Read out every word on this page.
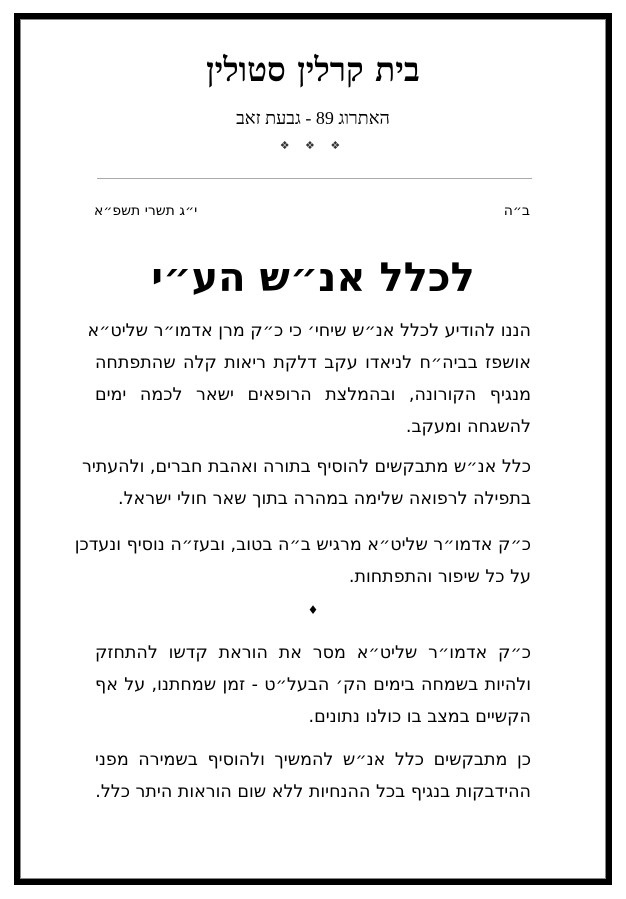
בית קרלין סטולין
האתרוג 89 - גבעת זאב
❖ ❖ ❖
ב״ה
י״ג תשרי תשפ״א
לכלל אנ״ש הע״י
הננו להודיע לכלל אנ״ש שיחי׳ כי כ״ק מרן אדמו״ר שליט״א
אושפז בביה״ח לניאדו עקב דלקת ריאות קלה שהתפתחה
מנגיף הקורונה, ובהמלצת הרופאים ישאר לכמה ימים
להשגחה ומעקב.
כלל אנ״ש מתבקשים להוסיף בתורה ואהבת חברים, ולהעתיר
בתפילה לרפואה שלימה במהרה בתוך שאר חולי ישראל.
כ״ק אדמו״ר שליט״א מרגיש ב״ה בטוב, ובעז״ה נוסיף ונעדכן
על כל שיפור והתפתחות.
♦
כ״ק אדמו״ר שליט״א מסר את הוראת קדשו להתחזק
ולהיות בשמחה בימים הק׳ הבעל״ט - זמן שמחתנו, על אף
הקשיים במצב בו כולנו נתונים.
כן מתבקשים כלל אנ״ש להמשיך ולהוסיף בשמירה מפני
ההידבקות בנגיף בכל ההנחיות ללא שום הוראות היתר כלל.
